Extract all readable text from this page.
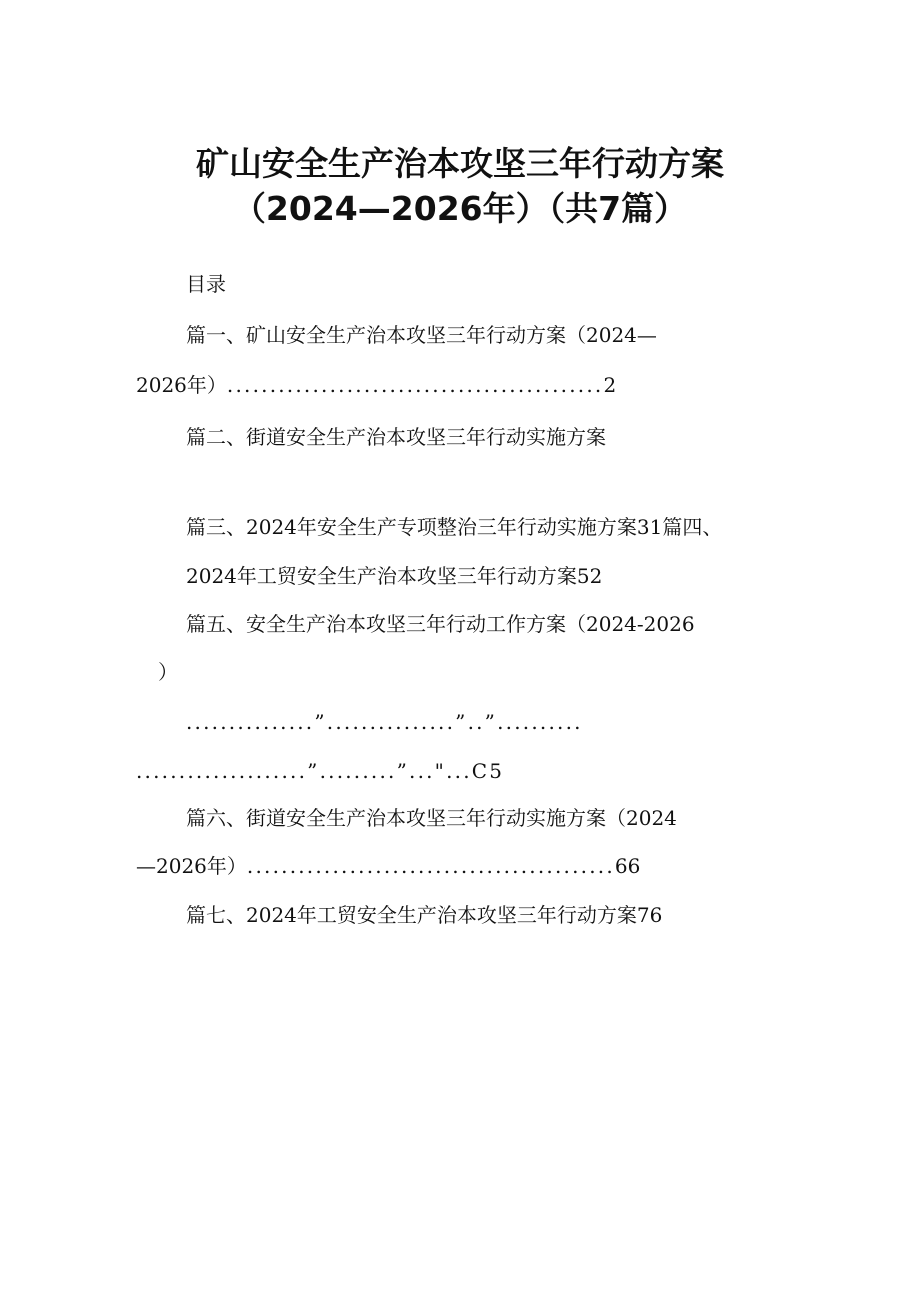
矿山安全生产治本攻坚三年行动方案
（2024—2026年）（共7篇）
目录
篇一、矿山安全生产治本攻坚三年行动方案（2024—
2026年）............................................2
篇二、街道安全生产治本攻坚三年行动实施方案
篇三、2024年安全生产专项整治三年行动实施方案31篇四、
2024年工贸安全生产治本攻坚三年行动方案52
篇五、安全生产治本攻坚三年行动工作方案（2024-2026
）
...............”...............”..”..........
....................”.........”..."...C5
篇六、街道安全生产治本攻坚三年行动实施方案（2024
—2026年）...........................................66
篇七、2024年工贸安全生产治本攻坚三年行动方案76
